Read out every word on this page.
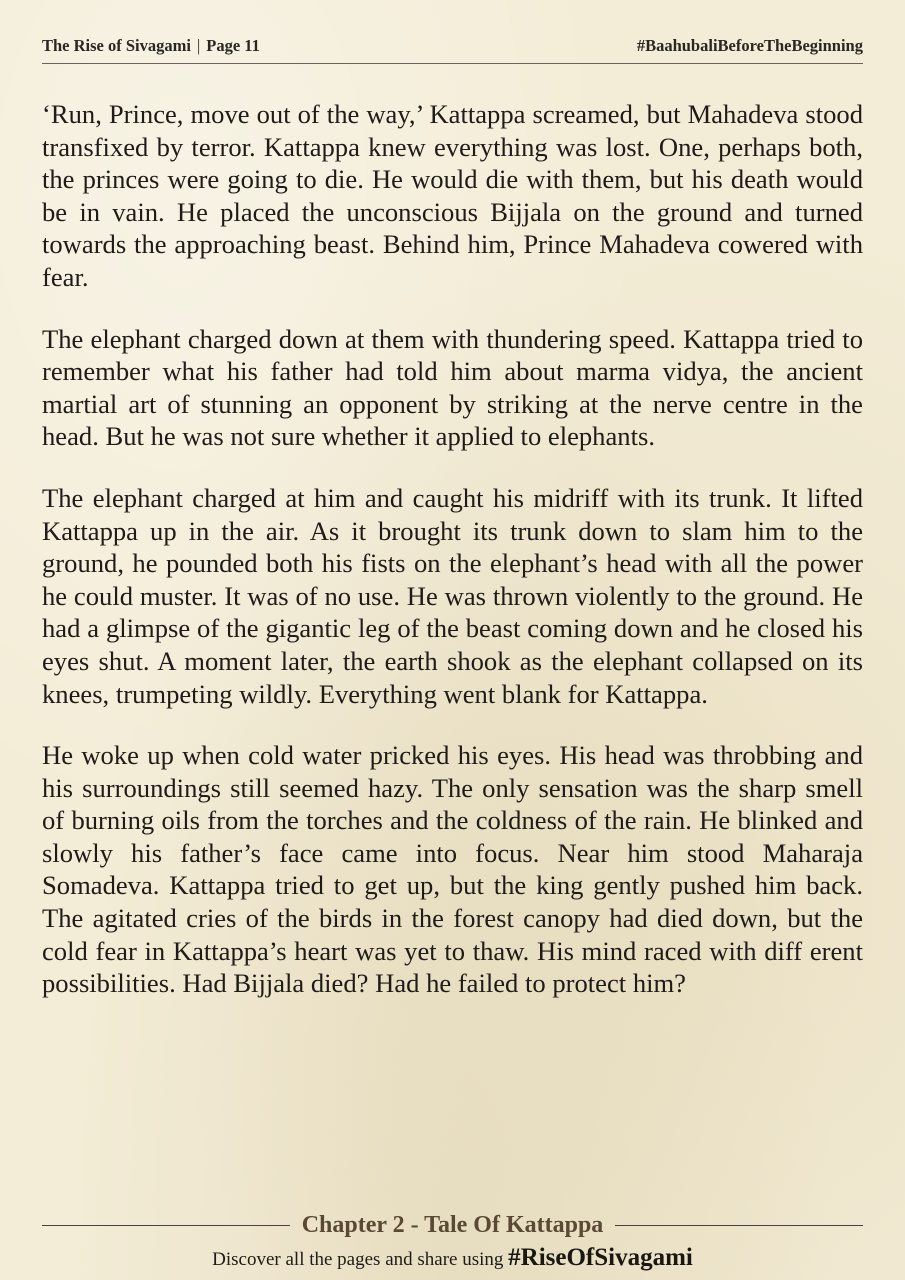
The Rise of Sivagami | Page 11	#BaahubaliBeforeTheBeginning

‘Run, Prince, move out of the way,’ Kattappa screamed, but Mahadeva stood transfixed by terror. Kattappa knew everything was lost. One, perhaps both, the princes were going to die. He would die with them, but his death would be in vain. He placed the unconscious Bijjala on the ground and turned towards the approaching beast. Behind him, Prince Mahadeva cowered with fear.

The elephant charged down at them with thundering speed. Kattappa tried to remember what his father had told him about marma vidya, the ancient martial art of stunning an opponent by striking at the nerve centre in the head. But he was not sure whether it applied to elephants.

The elephant charged at him and caught his midriff with its trunk. It lifted Kattappa up in the air. As it brought its trunk down to slam him to the ground, he pounded both his fists on the elephant’s head with all the power he could muster. It was of no use. He was thrown violently to the ground. He had a glimpse of the gigantic leg of the beast coming down and he closed his eyes shut. A moment later, the earth shook as the elephant collapsed on its knees, trumpeting wildly. Everything went blank for Kattappa.

He woke up when cold water pricked his eyes. His head was throbbing and his surroundings still seemed hazy. The only sensation was the sharp smell of burning oils from the torches and the coldness of the rain. He blinked and slowly his father’s face came into focus. Near him stood Maharaja Somadeva. Kattappa tried to get up, but the king gently pushed him back. The agitated cries of the birds in the forest canopy had died down, but the cold fear in Kattappa’s heart was yet to thaw. His mind raced with diff erent possibilities. Had Bijjala died? Had he failed to protect him?

Chapter 2 - Tale Of Kattappa
Discover all the pages and share using #RiseOfSivagami
